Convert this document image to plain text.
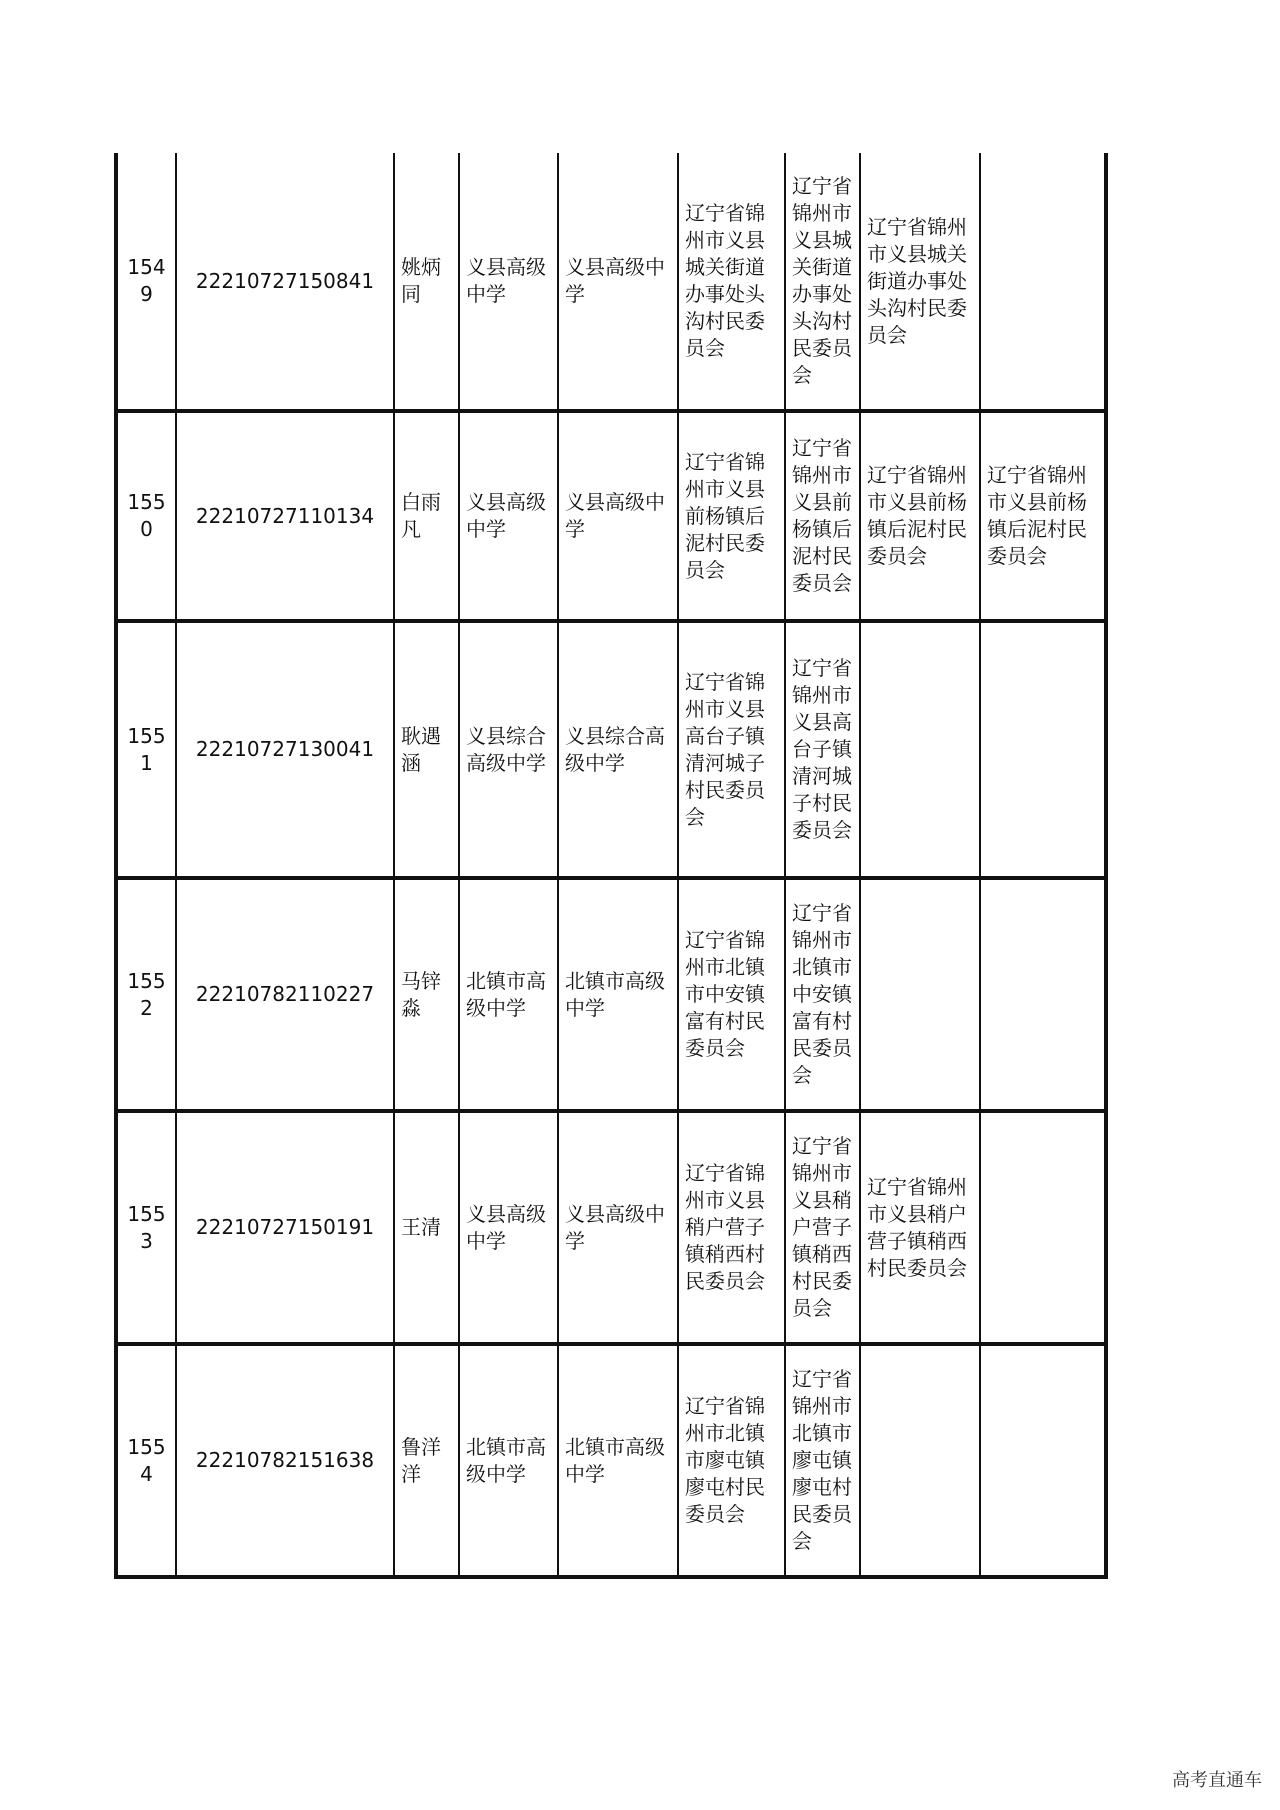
1549	22210727150841	姚炳同	义县高级中学	义县高级中学	辽宁省锦州市义县城关街道办事处头沟村民委员会	辽宁省锦州市义县城关街道办事处头沟村民委员会	辽宁省锦州市义县城关街道办事处头沟村民委员会	
1550	22210727110134	白雨凡	义县高级中学	义县高级中学	辽宁省锦州市义县前杨镇后泥村民委员会	辽宁省锦州市义县前杨镇后泥村民委员会	辽宁省锦州市义县前杨镇后泥村民委员会	辽宁省锦州市义县前杨镇后泥村民委员会
1551	22210727130041	耿遇涵	义县综合高级中学	义县综合高级中学	辽宁省锦州市义县高台子镇清河城子村民委员会	辽宁省锦州市义县高台子镇清河城子村民委员会		
1552	22210782110227	马锌淼	北镇市高级中学	北镇市高级中学	辽宁省锦州市北镇市中安镇富有村民委员会	辽宁省锦州市北镇市中安镇富有村民委员会		
1553	22210727150191	王清	义县高级中学	义县高级中学	辽宁省锦州市义县稍户营子镇稍西村民委员会	辽宁省锦州市义县稍户营子镇稍西村民委员会	辽宁省锦州市义县稍户营子镇稍西村民委员会	
1554	22210782151638	鲁洋洋	北镇市高级中学	北镇市高级中学	辽宁省锦州市北镇市廖屯镇廖屯村民委员会	辽宁省锦州市北镇市廖屯镇廖屯村民委员会		
高考直通车
